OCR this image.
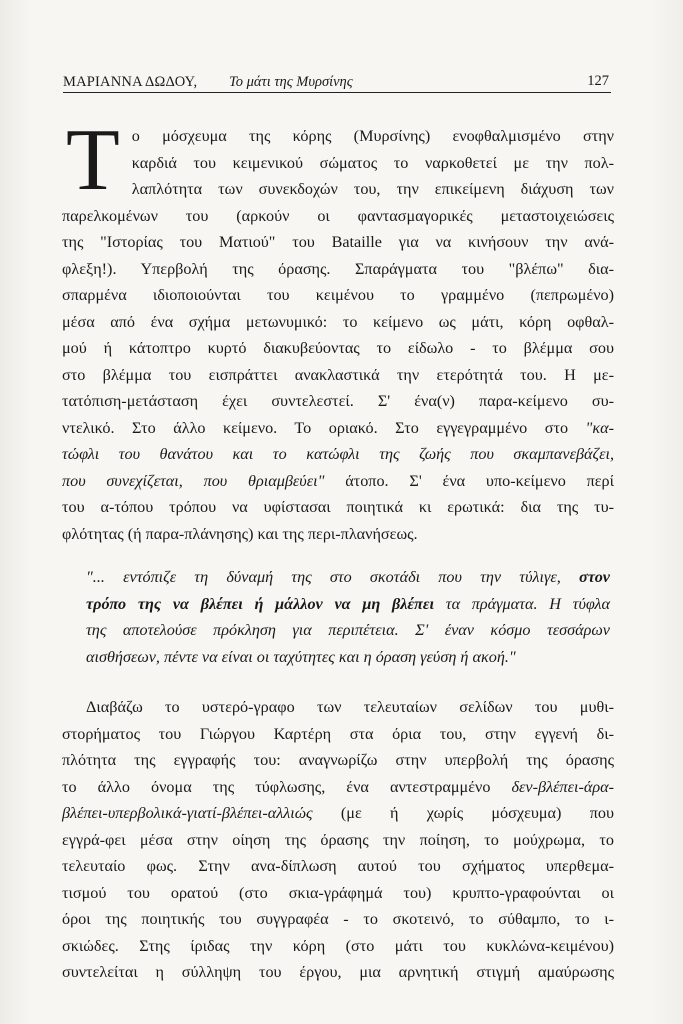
ΜΑΡΙΑΝΝΑ ΔΩΔΟΥ, Το μάτι της Μυρσίνης	127
Τ ο μόσχευμα της κόρης (Μυρσίνης) ενοφθαλμισμένο στην
καρδιά του κειμενικού σώματος το ναρκοθετεί με την πολ-
λαπλότητα των συνεκδοχών του, την επικείμενη διάχυση των
παρελκομένων του (αρκούν οι φαντασμαγορικές μεταστοιχειώσεις
της "Ιστορίας του Ματιού" του Bataille για να κινήσουν την ανά-
φλεξη!). Υπερβολή της όρασης. Σπαράγματα του "βλέπω" δια-
σπαρμένα ιδιοποιούνται του κειμένου το γραμμένο (πεπρωμένο)
μέσα από ένα σχήμα μετωνυμικό: το κείμενο ως μάτι, κόρη οφθαλ-
μού ή κάτοπτρο κυρτό διακυβεύοντας το είδωλο - το βλέμμα σου
στο βλέμμα του εισπράττει ανακλαστικά την ετερότητά του. Η με-
τατόπιση-μετάσταση έχει συντελεστεί. Σ' ένα(ν) παρα-κείμενο συ-
ντελικό. Στο άλλο κείμενο. Το οριακό. Στο εγγεγραμμένο στο "κα-
τώφλι του θανάτου και το κατώφλι της ζωής που σκαμπανεβάζει,
που συνεχίζεται, που θριαμβεύει" άτοπο. Σ' ένα υπο-κείμενο περί
του α-τόπου τρόπου να υφίστασαι ποιητικά κι ερωτικά: δια της τυ-
φλότητας (ή παρα-πλάνησης) και της περι-πλανήσεως.
"... εντόπιζε τη δύναμή της στο σκοτάδι που την τύλιγε, στον
τρόπο της να βλέπει ή μάλλον να μη βλέπει τα πράγματα. Η τύφλα
της αποτελούσε πρόκληση για περιπέτεια. Σ' έναν κόσμο τεσσάρων
αισθήσεων, πέντε να είναι οι ταχύτητες και η όραση γεύση ή ακοή."
Διαβάζω το υστερό-γραφο των τελευταίων σελίδων του μυθι-
στορήματος του Γιώργου Καρτέρη στα όρια του, στην εγγενή δι-
πλότητα της εγγραφής του: αναγνωρίζω στην υπερβολή της όρασης
το άλλο όνομα της τύφλωσης, ένα αντεστραμμένο δεν-βλέπει-άρα-
βλέπει-υπερβολικά-γιατί-βλέπει-αλλιώς (με ή χωρίς μόσχευμα) που
εγγρά-φει μέσα στην οίηση της όρασης την ποίηση, το μούχρωμα, το
τελευταίο φως. Στην ανα-δίπλωση αυτού του σχήματος υπερθεμα-
τισμού του ορατού (στο σκια-γράφημά του) κρυπτο-γραφούνται οι
όροι της ποιητικής του συγγραφέα - το σκοτεινό, το σύθαμπο, το ι-
σκιώδες. Στης ίριδας την κόρη (στο μάτι του κυκλώνα-κειμένου)
συντελείται η σύλληψη του έργου, μια αρνητική στιγμή αμαύρωσης
